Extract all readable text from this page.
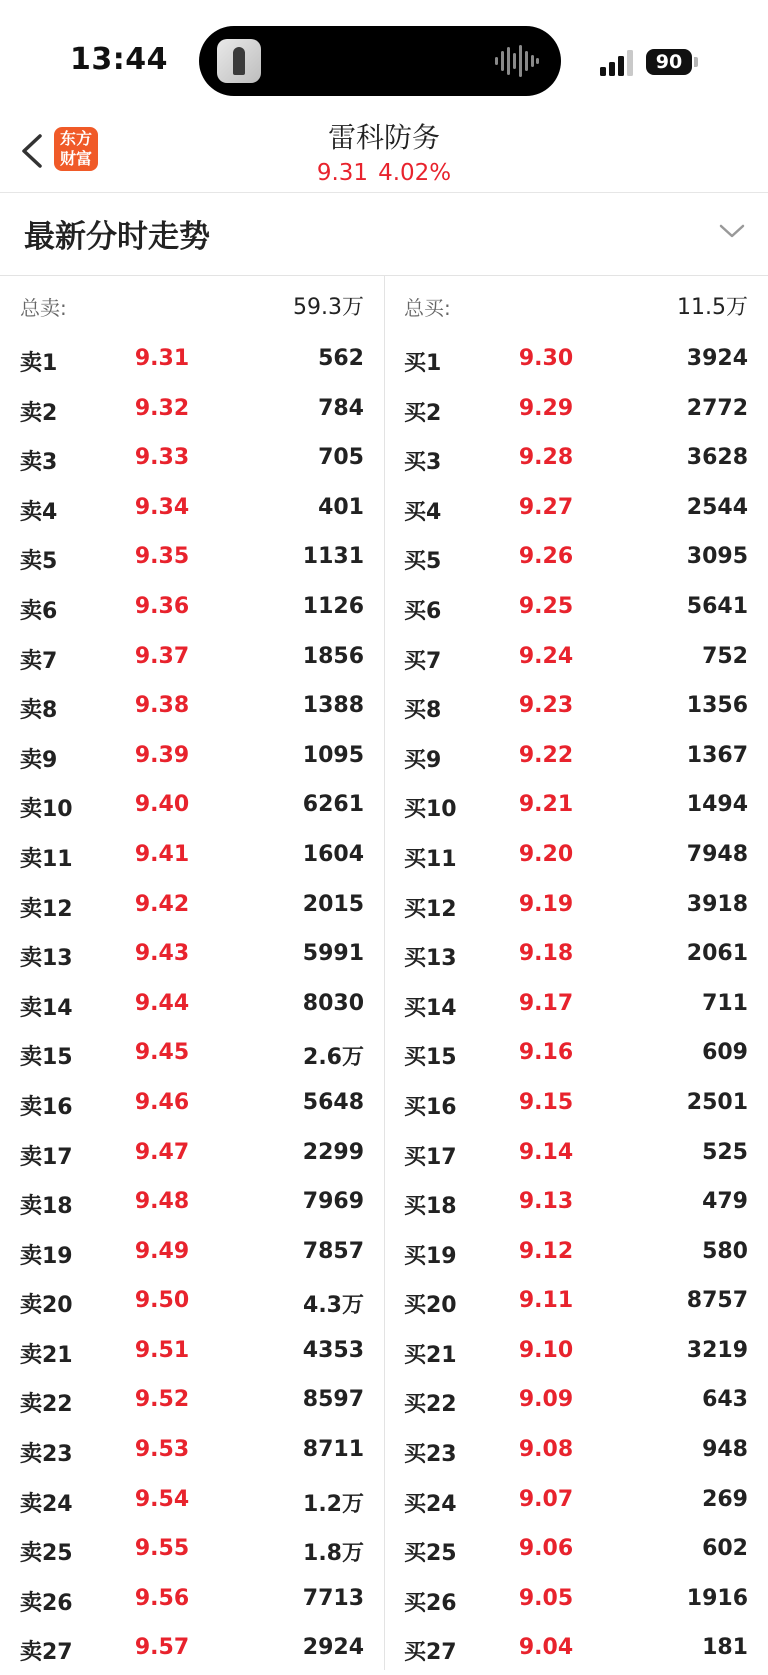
13:44	90
东方
财富
雷科防务
9.31 4.02%
最新分时走势
总卖:	59.3万
卖1	9.31	562
卖2	9.32	784
卖3	9.33	705
卖4	9.34	401
卖5	9.35	1131
卖6	9.36	1126
卖7	9.37	1856
卖8	9.38	1388
卖9	9.39	1095
卖10	9.40	6261
卖11	9.41	1604
卖12	9.42	2015
卖13	9.43	5991
卖14	9.44	8030
卖15	9.45	2.6万
卖16	9.46	5648
卖17	9.47	2299
卖18	9.48	7969
卖19	9.49	7857
卖20	9.50	4.3万
卖21	9.51	4353
卖22	9.52	8597
卖23	9.53	8711
卖24	9.54	1.2万
卖25	9.55	1.8万
卖26	9.56	7713
卖27	9.57	2924
总买:	11.5万
买1	9.30	3924
买2	9.29	2772
买3	9.28	3628
买4	9.27	2544
买5	9.26	3095
买6	9.25	5641
买7	9.24	752
买8	9.23	1356
买9	9.22	1367
买10	9.21	1494
买11	9.20	7948
买12	9.19	3918
买13	9.18	2061
买14	9.17	711
买15	9.16	609
买16	9.15	2501
买17	9.14	525
买18	9.13	479
买19	9.12	580
买20	9.11	8757
买21	9.10	3219
买22	9.09	643
买23	9.08	948
买24	9.07	269
买25	9.06	602
买26	9.05	1916
买27	9.04	181
